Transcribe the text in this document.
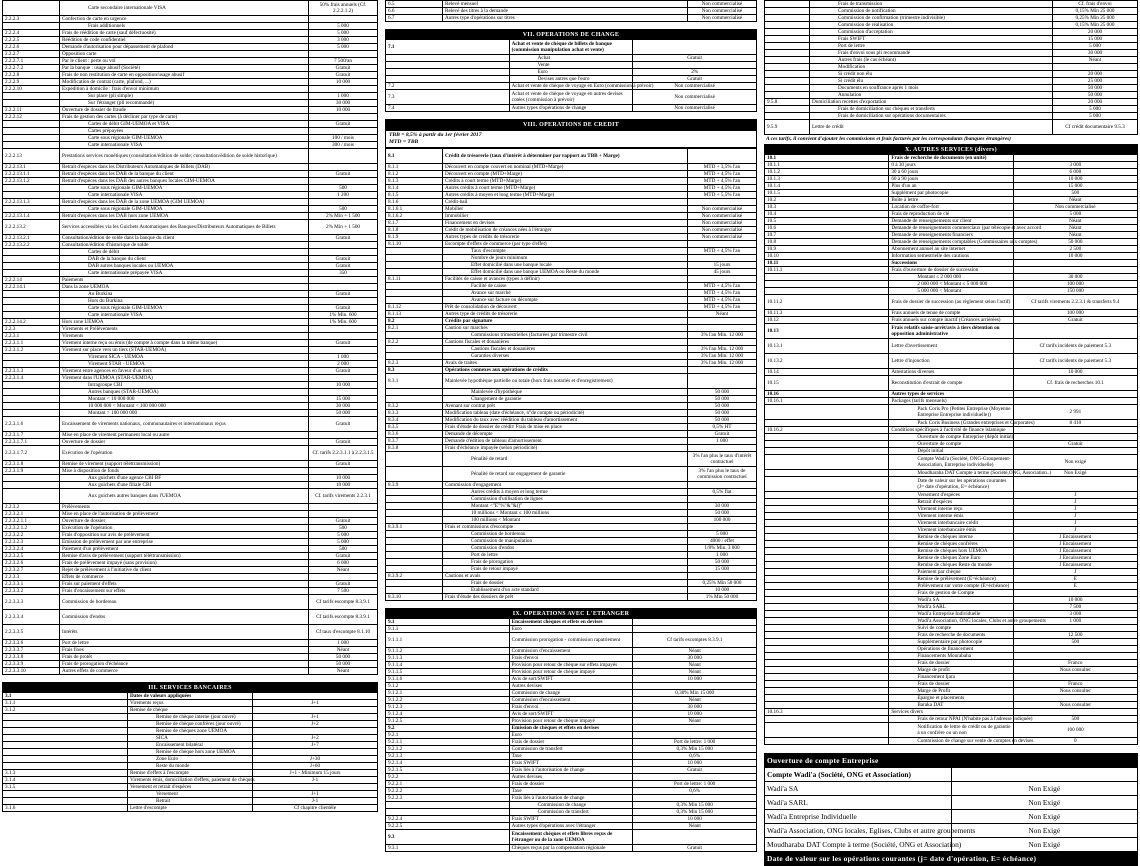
	Carte secondaire internationale VISA	50% frais annuels (Cf. 2.2.2.1.2)
2.2.2.3	Confection de carte en urgence	
	Frais additionnels	5 000
2.2.2.4	Frais de réédition de carte (sauf défectuosité)	5 000
2.2.2.5	Réédition de code confidentiel	3 000
2.2.2.6	Demande d'autorisation pour dépassement de plafond	5 000
2.2.2.7	Opposition carte	
2.2.2.7.1	Par le client : perte ou vol	7 500/an
2.2.2.7.2	Par la banque : usage abusif (Société)	Gratuit
2.2.2.8	Frais de non restitution de carte en opposition/usage abusif	Gratuit
2.2.2.9	Modification de contrat (carte, plafond, ...)	10 000
2.2.2.10	Expédition à domicile : frais d'envoi minimum	
	Sur place (pli simple)	1 000
	Sur l'étranger (pli recommandé)	30 000
2.2.2.11	Ouverture de dossier de fraude	10 000
2.2.2.12	Frais de gestion des cartes (à décliner par type de carte)	
	Cartes de débit GIM-UEMOA et VISA	Gratuit
	Cartes prépayées	
	Carte sous régionale GIM-UEMOA	100 / mois
	Carte internationale VISA	300 / mois
2.2.2.13	Prestations services monétiques (consultation/édition de solde; consultation/édition de solde historique)	
2.2.2.13.1	Retrait d'espèces dans les Distributeurs Automatiques de Billets (DAB)	
2.2.2.13.1.1	Retrait d'espèces dans les DAB de la banque du client	Gratuit
2.2.2.13.1.2	Retrait d'espèces dans les DAB des autres banques locales GIM-UEMOA	
	Carte sous régionale GIM-UEMOA	500
	Carte internationale VISA	1 200
2.2.2.13.1.3	Retrait d'espèces dans les DAB de la zone UEMOA (GIM UEMOA)	
	Carte sous régionale GIM-UEMOA	500
2.2.2.13.1.4	Retrait d'espèces dans les DAB hors zone UEMOA	2% Min + 1 500
2.2.2.13.2	Services accessibles via les Guichets Automatiques des Banques/Distributeurs Automatiques de Billets	2% Min + 1 500
2.2.2.13.2.1	Consultation/édition de solde dans la banque du client	Gratuit
2.2.2.13.2.2	Consultation/édition d'historique de solde	
	Cartes de débit	
	DAB de la banque du client	Gratuit
	DAB autres banques locales ou UEMOA	Gratuit
	Carte internationale prépayée VISA	350
2.2.2.14	Paiements	
2.2.2.14.1	Dans la zone UEMOA	
	Au Burkina	Gratuit
	Hors du Burkina	
	Carte sous régionale GIM-UEMOA	Gratuit
	Carte internationale VISA	1% Min. 600
2.2.2.14.2	Hors zone UEMOA	1% Min. 600
2.2.3	Virements et Prélèvements	
2.2.3.1	Virements	
2.2.3.1.1	Virement interne reçu ou émis (de compte à compte dans la même banque)	Gratuit
2.2.3.1.2	Virement sur place vers un tiers (STAR-UEMOA)	
	Virement SICA - UEMOA	1 000
	Virement STAR - UEMOA	2 000
2.2.3.1.3	Virement entre agences en faveur d'un tiers	Gratuit
2.2.3.1.4	Virement dans l'UEMOA (STAR-UEMOA)	
	Intragroupe CBI	10 000
	Autres banques (STAR-UEMOA)	
	Montant < 10 000 000	15 000
	10 000 000 < Montant < 100 000 000	30 000
	Montant > 100 000 000	50 000
2.2.3.1.6	Encaissement de virements nationaux, communautaires et internationaux reçus	Gratuit
2.2.3.1.7	Mise en place de virement permanent local ou autre	
2.2.3.1.7.1	Ouverture de dossier	Gratuit
2.2.3.1.7.2	Exécution de l'opération	Cf. tarifs 2.2.3.1.1 à 2.2.3.1.5
2.2.3.1.8	Remise de virement (support téléttransmission)	Gratuit
2.2.3.1.9	Mise à disposition de fonds	
	Aux guichets d'une agence CBI BF	10 000
	Aux guichets d'une filiale CBI	10 000
	Aux guichets autres banques dans l'UEMOA	Cf. tarifs virements 2.2.3.1
2.2.3.2	Prélèvements	
2.2.3.2.1	Mise en place de l'autorisation de prélèvement	
2.2.3.2.1.1	Ouverture de dossier	Gratuit
2.2.3.2.1.2	Exécution de l'opération	500
2.2.3.2.2	Frais d'opposition sur avis de prélèvement	5 000
2.2.3.2.3	Emission de prélèvement par une entreprise	5 000
2.2.3.2.4	Paiement d'un prélèvement	500
2.2.3.2.5	Remise d'avis de prélèvement (support téléttransmission)	Gratuit
2.2.3.2.6	Frais de prélèvement impayé (sans provision)	6 000
2.2.3.2.7	Rejet de prélèvement à l'initiative du client	Néant
2.2.3.3	Effets de commerce	
2.2.3.3.1	Frais sur paiement d'effets	Gratuit
2.2.3.3.2	Frais d'encaissement sur effets	7 500
2.2.3.3.3	Commission de bordereau	Cf tarifs escompte 8.3.9.1
2.2.3.3.4	Commission d'endos	Cf tarifs escompte 8.3.9.1
2.2.3.3.5	Intérêts	Cf taux d'escompte 8.1.10
2.2.3.3.6	Port de lettre	1 000
2.2.3.3.7	Frais fixes	Néant
2.2.3.3.8	Frais de protêt	50 000
2.2.3.3.9	Frais de prorogation d'échéance	50 000
2.2.3.3.10	Autres effets de commerce	Néant
III. SERVICES BANCAIRES		
3.1	Dates de valeurs appliquées	
3.1.1	Virements reçus	J+1
3.1.2	Remise de chèque	
	Remise de chèque interne (jour ouvré)	J+1
	Remise de chèque confrères (jour ouvré)	J+2
	Remise de chèques zone UEMOA	
	SICA	J+2
	Encaissement bilatéral	J+7
	Remise de chèque hors zone UEMOA	
	Zone Euro	J+30
	Reste du monde	J+60
3.1.3	Remise d'effets à l'escompte	J+1 - Minimum 15 jours
3.1.4	Virements émis, domiciliation d'effets, paiement de chèques	J-1
3.1.5	Versement et retrait d'espèces	
	Versement	J+1
	Retrait	J-1
3.1.6	Lettre d'escompte	Cf chapitre clientèle
6.5	Relevé mensuel	Non commercialisé
6.6	Relevé des titres à la demande	Non commercialisé
6.7	Autres type d'opérations sur titres	Non commercialisé
VII. OPERATIONS DE CHANGE		
7.1	Achat et vente de chèque de billets de banque (commission manipulation achat et vente)	
	Achat	Gratuit
	Vente	
	Euro	2%
	Devises autres que l'euro	Gratuit
7.2	Achat et vente de chèque de voyage en Euro (commission à prévoir)	Non commercialisé
7.3	Achat et vente de chèque de voyage en autres devises cotées (commission à prévoir)	Non commercialisé
7.4	Autres types d'opérations de change	Non commercialisé
VIII. OPERATIONS DE CREDIT
TBB = 8,5% à partir du 1er février 2017
MTD = TBB
8.1	Crédit de trésorerie (taux d'intérêt à déterminer par rapport au TBB + Marge)	
8.1.1	Découvert en compte couvert en nominal (MTD+Marge)	MTD + 3,5% l'an
8.1.2	Découvert en compte (MTD+Marge)	MTD + 4,5% l'an
8.1.3	Crédits à court terme (MTD+Marge)	MTD + 4,5% l'an
8.1.4	Autres crédits à court terme (MTD+Marge)	MTD + 4,5% l'an
8.1.5	Autres crédits à moyen et long terme (MTD+Marge)	MTD + 5,5% l'an
8.1.6	Crédit-bail	
8.1.6.1	Mobilier	Non commercialisé
8.1.6.2	Immobilier	Non commercialisé
8.1.7	Financement en devises	Non commercialisé
8.1.8	Crédit de mobilisation de créances nées à l'étranger	Non commercialisé
8.1.9	Autres types de crédits de trésorerie	Non commercialisé
8.1.10	Escompte d'effets de commerce (par type d'effet)	
	Taux d'escompte	MTD + 4,5% l'an
	Nombre de jours minimum	
	Effet domicilié dans une banque locale	15 jours
	Effet domicilié dans une banque UEMOA ou Reste du monde	45 jours
8.1.11	Facilités de caisse et avances (types à définir)	
	Facilité de caisse	MTD + 4,5% l'an
	Avance sur marché	MTD + 4,5% l'an
	Avance sur facture ou décompte	MTD + 4,5% l'an
8.1.12	Prêt de consolidation de découvert	MTD + 4,5% l'an
8.1.13	Autres type de crédits de trésorerie	Néant
8.2	Crédits par signature	
8.2.1	Caution sur marchés	
	Commissions trimestrielles (facturées par trimestre civil	3% l'an Min. 12 000
8.2.2	Cautions fiscales et douanières	
	Cautions fiscales et douanières	3% l'an Min. 12 000
	Garanties diverses	3% l'an Min. 12 000
8.2.3	Avals de traites	3% l'an Min. 12 000
8.3	Opérations connexes aux opérations de crédits	
8.3.1	Mainlevée hypothèque partielle ou totale (hors frais notariés et d'enregistrement)	
	Mainlevée d'hypothèque	50 000
	Changement de garantie	50 000
8.3.2	Avenant sur contrat prêt	50 000
8.3.3	Modification tableau (date d'échéance, n°de compte ou périodicité)	50 000
8.3.4	Modification du taux avec réédition du tableau d'amortissement	50 000
8.3.5	Frais d'étude de dossier de crédit/ Frais de mise en place	0,5% HT
8.3.6	Demande de décompte	Gratuit
8.3.7	Demande d'édition de tableau d'amortissement	1 000
8.3.8	Frais d'échéance impayée (selon périodicité)	
	Pénalité de retard	3% l'an plus le taux d'intérêt contractuel
	Pénalité de retard sur engagement de garantie	3% l'an plus le taux de commission contractuel
8.3.9	Commission d'engagement	
	Autres crédits à moyen et long terme	0,5% flat
	Commission d'utilisation de lignes	
	Montant <"E"%"&"&()"	30 000
	10 millions < Montant ≤ 100 millions	50 000
	100 millions < Montant	100 000
8.3.9.1	Frais et commissions d'escompte	
	Commission de bordereau	5 000
	Commission de manipulation	4000 / effet
	Commission d'endos	1/8% Min. 3 000
	Port de lettre	1 000
	Frais de prorogation	50 000
	Frais de retour impayé	15 000
8.3.9.2	Cautions et avals	
	Frais de dossier	0,25% Min 50 000
	Etablissement d'un acte standard	10 000
8.3.10	Frais d'étude des dossiers de prêt	1% Min 50 000
IX. OPERATIONS AVEC L'ETRANGER		
9.1	Encaissement chèques et effets en devises	
9.1.1	Euro	
9.1.1.1	Commission prorogation - commission rapatriement	Cf tarifs escomptes 8.3.9.1
9.1.1.2	Commission d'encaissement	Néant
9.1.1.3	Frais d'envoi	30 000
9.1.1.4	Provision pour retour de chèque sur effets impayés	Néant
9.1.1.5	Provision pour retour de chèque impayé	Néant
9.1.1.6	Avis de sort/SWIFT	10 000
9.1.2	Autres devises	
9.1.2.1	Commission de change	0,30% Min 15 000
9.1.2.2	Commission d'encaissement	Néant
9.1.2.3	Frais d'envoi	30 000
9.1.2.4	Avis de sort/SWIFT	10 000
9.1.2.5	Provision pour retour de chèque impayé	Néant
9.2	Emission de chèques et effets en devises	
9.2.1	Euro	
9.2.1.1	Frais de dossier	Port de lettre: 1 000
9.2.1.2	Commission de transfert	0,3% Min 15 000
9.2.1.3	Taxe	0,6%
9.2.1.4	Frais SWIFT	10 000
9.2.1.5	Frais liés à l'autorisation de change	Gratuit
9.2.2	Autres devises	
9.2.2.1	Frais de dossier	Port de lettre: 1 000
9.2.2.2	Taxe	0,6%
9.2.2.3	Frais liés à l'autorisation de change	
	Commission de change	0,3% Min 15 000
	Commission de transfert	0,3% Min 15 000
9.2.2.4	Frais SWIFT	10 000
9.2.2.5	Autres types d'opérations avec l'étranger	Néant
9.3	Encaissement chèques et effets libres reçus de l'étranger ou de la zone UEMOA	
9.3.1	Chèques reçus par la compensation régionale	Gratuit
	Frais de transmission	Cf. frais d'envoi
	Commission de notification	0,15% Min 25 000
	Commission de confirmation (trimestre indivisible)	0,25% Min 25 000
	Commission de réalisation	0,15% Min 25 000
	Commission d'acceptation	20 000
	Frais SWIFT	15 000
	Port de lettre	5 000
	Frais d'envoi sous pli recommandé	30 000
	Autres frais (le cas échéant)	Néant
	Modification	
	Si crédit non élu	20 000
	Si crédit élu	25 000
	Documents en souffrance après 1 mois	50 000
	Annulation	50 000
9.5.8	Domiciliation recettes d'exportation	20 000
	Frais de domiciliation sur chèques et transferts	5 000
	Frais de domiciliation sur opérations documentaires	5 000
9.5.9	Lettre de crédit	Cf crédit documentaire 9.5.3
A ces tarifs, il convient d'ajouter les commissions et frais facturés par les correspondants (banques étrangères)
X. AUTRES SERVICES (divers)		
10.1	Frais de recherche de documents (en unité)	
10.1.1	0 à 30 jours	3 000
10.1.2	30 à 60 jours	6 000
10.1.3	60 à 90 jours	10 000
10.1.4	Plus d'un an	15 000
10.1.5	Supplément par photocopie	500
10.2	Boîte à lettre	Néant
10.3	Location de coffre-fort	Non commercialisé
10.4	Frais de reproduction de clé	5 000
10.5	Demande de renseignements sur client	Néant
10.6	Demande de renseignements commerciaux (par télécopie et avec accord	Néant
10.7	Demande de renseignements financiers	Néant
10.8	Demande de renseignements comptables (Commissaires aux comptes)	50 000
10.9	Abonnement annuel au site internet	2 500
10.10	Information semestrielle des cautions	10 000
10.11	Successions	
10.11.1	Frais d'ouverture de dossier de succession	
	Montant ≤ 2 000 000	30 000
	2 000 000 < Montant ≤ 5 000 000	100 000
	5 000 000 < Montant	150 000
10.11.2	Frais de dossier de succession (au règlement selon l'actif)	Cf tarifs virements 2.2.3.1 & transferts 9.4
10.11.3	Frais annuels de tenue de compte	100 000
10.12	Frais annuels sur compte inactif (Créances arriérées)	Gratuit
10.13	Frais relatifs saisie-arrêt/avis à tiers détention ou opposition administrative	
10.13.1	Lettre d'avertissement	Cf tarifs incidents de paiement 5.3
10.13.2	Lettre d'injonction	Cf tarifs incidents de paiement 5.3
10.14	Attestations diverses	10 000
10.15	Reconstitution d'extrait de compte	Cf. frais de recherches 10.1
10.16	Autres types de services	
10.16.1	Packages (tarifs mensuels)	
	Pack Coris Pro (Petites Entreprise (Moyenne Entreprise Entreprise individuelle))	2 991
	Pack Coris Business (Grandes entreprises et Corporates)	8 410
10.16.2	Conditions spécifiques à l'activité de finance islamique	
	Ouverture de compte Entreprise (dépôt initial)	
	Ouverture de compte	Gratuit
	Dépôt initial	
	Compte Wadi'a (Société, ONG-Groupement- Association, Entreprise individuelle)	Non exigé
	Moudharaba DAT Compte à terme (Société,ONG, Association..)	Non Exigé
	Date de valeur sur les opérations courantes (J= date d'opération, E= échéance)	
	Versement d'espèces	J
	Retrait d'espèces	J
	Virement interne reçu	J
	Virement interne émis	J
	Virement interbancaire crédit	J
	Virement interbancaire émis	J
	Remise de chèques interne	J Encaissement
	Remise de chèques confrères	J Encaissement
	Remise de chèques hors UEMOA	J Encaissement
	Remise de chèques Zone Euro	J Encaissement
	Remise de chèques Reste du monde	J Encaissement
	Paiement par chèque	J
	Remise de prélèvement (E=échéance)	E
	Prélèvement sur votre compte (E=échéance)	E
	Frais de gestion de Compte	
	Wadi'a SA	10 000
	Wadi'a SARL	7 500
	Wadi'a Entreprise Individuelle	3 000
	Wadi'a Association, ONG locales, Clubs et autre groupements	1 000
	Suivi de compte	
	Frais de recherche de documents	12 500
	Supplémentaire par photocopie	500
	Opérations de financement	
	Financements Mourabaha	
	Frais de dossier	Franco
	Marge de profit	Nous consulter
	Financement Ijara	
	Frais de dossier	Franco
	Marge de Profit	Nous consulter
	Epargne et placements	
	Baraka DAT	Nous consulter
10.16.3	Services divers	
	Frais de retour NPAI (N'habite pas à l'adresse indiquée)	500
	Notification de lettre de crédit ou de garantie à un confrère ou un non	100 000
	Commission de change sur vente de comptes en devises	0
Ouverture de compte Entreprise	
Compte Wadi'a (Société, ONG et Association)	
Wadi'a SA	Non Exigé
Wadi'a SARL	Non Exigé
Wadi'a Entreprise Individuelle	Non Exigé
Wadi'a Association, ONG locales, Eglises, Clubs et autre groupements	Non Exigé
Moudharaba DAT Compte à terme (Société, ONG et Association)	Non Exigé
Date de valeur sur les opérations courantes (j= date d'opération, E= échéance)	
